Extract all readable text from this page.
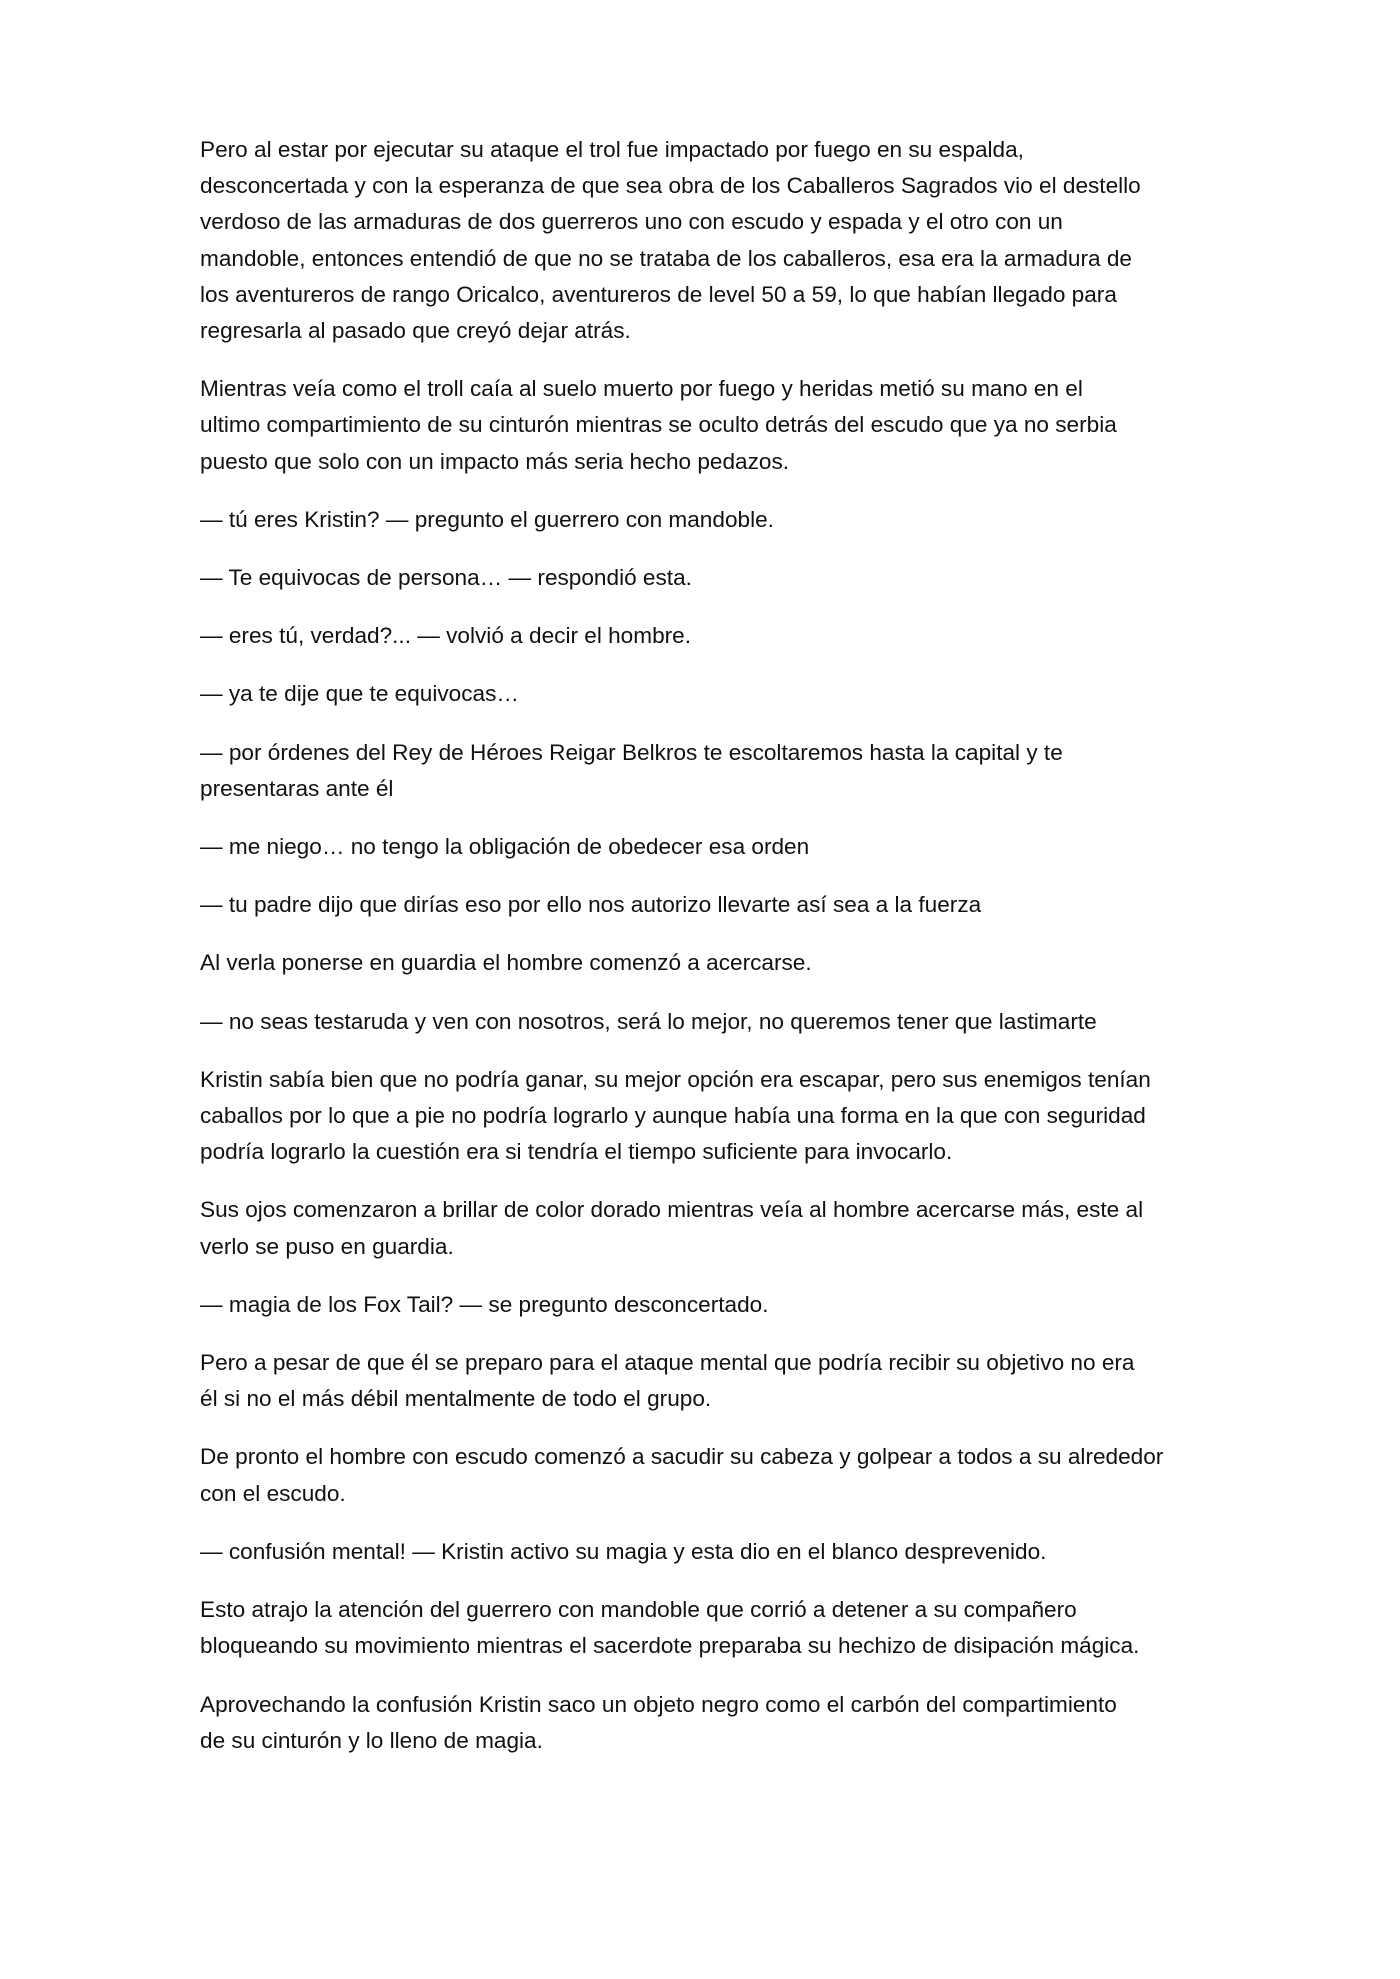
Pero al estar por ejecutar su ataque el trol fue impactado por fuego en su espalda,
desconcertada y con la esperanza de que sea obra de los Caballeros Sagrados vio el destello
verdoso de las armaduras de dos guerreros uno con escudo y espada y el otro con un
mandoble, entonces entendió de que no se trataba de los caballeros, esa era la armadura de
los aventureros de rango Oricalco, aventureros de level 50 a 59, lo que habían llegado para
regresarla al pasado que creyó dejar atrás.

Mientras veía como el troll caía al suelo muerto por fuego y heridas metió su mano en el
ultimo compartimiento de su cinturón mientras se oculto detrás del escudo que ya no serbia
puesto que solo con un impacto más seria hecho pedazos.

— tú eres Kristin? — pregunto el guerrero con mandoble.

— Te equivocas de persona… — respondió esta.

— eres tú, verdad?... — volvió a decir el hombre.

— ya te dije que te equivocas…

— por órdenes del Rey de Héroes Reigar Belkros te escoltaremos hasta la capital y te
presentaras ante él

— me niego… no tengo la obligación de obedecer esa orden

— tu padre dijo que dirías eso por ello nos autorizo llevarte así sea a la fuerza

Al verla ponerse en guardia el hombre comenzó a acercarse.

— no seas testaruda y ven con nosotros, será lo mejor, no queremos tener que lastimarte

Kristin sabía bien que no podría ganar, su mejor opción era escapar, pero sus enemigos tenían
caballos por lo que a pie no podría lograrlo y aunque había una forma en la que con seguridad
podría lograrlo la cuestión era si tendría el tiempo suficiente para invocarlo.

Sus ojos comenzaron a brillar de color dorado mientras veía al hombre acercarse más, este al
verlo se puso en guardia.

— magia de los Fox Tail? — se pregunto desconcertado.

Pero a pesar de que él se preparo para el ataque mental que podría recibir su objetivo no era
él si no el más débil mentalmente de todo el grupo.

De pronto el hombre con escudo comenzó a sacudir su cabeza y golpear a todos a su alrededor
con el escudo.

— confusión mental! — Kristin activo su magia y esta dio en el blanco desprevenido.

Esto atrajo la atención del guerrero con mandoble que corrió a detener a su compañero
bloqueando su movimiento mientras el sacerdote preparaba su hechizo de disipación mágica.

Aprovechando la confusión Kristin saco un objeto negro como el carbón del compartimiento
de su cinturón y lo lleno de magia.
